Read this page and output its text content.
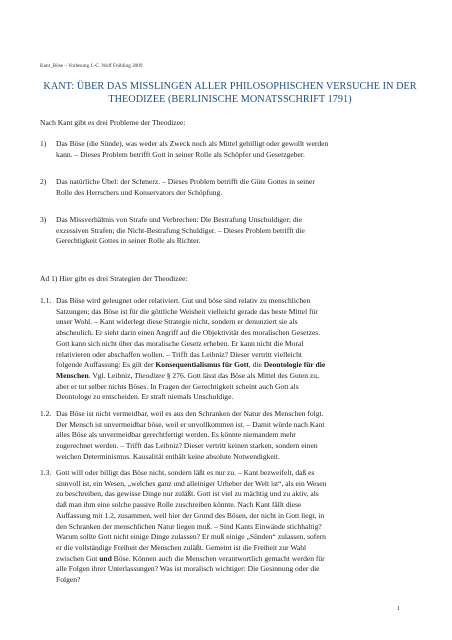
Kant_Böse – Vorlesung J.-C. Wolf Frühling 2009
KANT: ÜBER DAS MISSLINGEN ALLER PHILOSOPHISCHEN VERSUCHE IN DER
THEODIZEE (BERLINISCHE MONATSSCHRIFT 1791)
Nach Kant gibt es drei Probleme der Theodizee:
1) Das Böse (die Sünde), was weder als Zweck noch als Mittel gebilligt oder gewollt werden

kann. – Dieses Problem betrifft Gott in seiner Rolle als Schöpfer und Gesetzgeber.

2) Das natürliche Übel: der Schmerz. – Dieses Problem betrifft die Güte Gottes in seiner

Rolle des Herrschers und Konservators der Schöpfung.

3) Das Missverhältnis von Strafe und Verbrechen: Die Bestrafung Unschuldiger; die

exzessiven Strafen; die Nicht-Bestrafung Schuldiger. – Dieses Problem betrifft die

Gerechtigkeit Gottes in seiner Rolle als Richter.

Ad 1) Hier gibt es drei Strategien der Theodizee:
1.1. Das Böse wird geleugnet oder relativiert. Gut und böse sind relativ zu menschlichen

Satzungen; das Böse ist für die göttliche Weisheit vielleicht gerade das beste Mittel für

unser Wohl. – Kant widerlegt diese Strategie nicht, sondern er denunziert sie als

abscheulich. Er sieht darin einen Angriff auf die Objektivität des moralischen Gesetzes.

Gott kann sich nicht über das moralische Gesetz erheben. Er kann nicht die Moral

relativieren oder abschaffen wollen. – Trifft das Leibniz? Dieser vertritt vielleicht

folgende Auffassung: Es gilt der Konsequentialismus für Gott, die Deontologie für die

Menschen. Vgl. Leibniz, Theodizee § 276. Gott lässt das Böse als Mittel des Guten zu,

aber er tut selber nichts Böses. In Fragen der Gerechtigkeit scheint auch Gott als

Deontologe zu entscheiden. Er straft niemals Unschuldige.

1.2. Das Böse ist nicht vermeidbar, weil es aus den Schranken der Natur des Menschen folgt.

Der Mensch ist unvermeidbar böse, weil er unvollkommen ist. – Damit würde nach Kant

alles Böse als unvermeidbar gerechtfertigt werden. Es könnte niemandem mehr

zugerechnet werden. – Trifft das Leibniz? Dieser vertritt keinen starken, sondern einen

weichen Determinismus. Kausalität enthält keine absolute Notwendigkeit.

1.3. Gott will oder billigt das Böse nicht, sondern läßt es nur zu. – Kant bezweifelt, daß es

sinnvoll ist, ein Wesen, „welches ganz und alleiniger Urheber der Welt ist“, als ein Wesen

zu beschreiben, das gewisse Dinge nur zuläßt. Gott ist viel zu mächtig und zu aktiv, als

daß man ihm eine solche passive Rolle zuschreiben könnte. Nach Kant fällt diese

Auffassung mit 1.2, zusammen, weil hier der Grund des Bösen, der nicht in Gott liegt, in

den Schranken der menschlichen Natur liegen muß. – Sind Kants Einwände stichhaltig?

Warum sollte Gott nicht einige Dinge zulassen? Er muß einige „Sünden“ zulassen, sofern

er die vollständige Freiheit der Menschen zuläßt. Gemeint ist die Freiheit zur Wahl

zwischen Gut und Böse. Können auch die Menschen verantwortlich gemacht werden für

alle Folgen ihrer Unterlassungen? Was ist moralisch wichtiger: Die Gesinnung oder die

Folgen?

1
